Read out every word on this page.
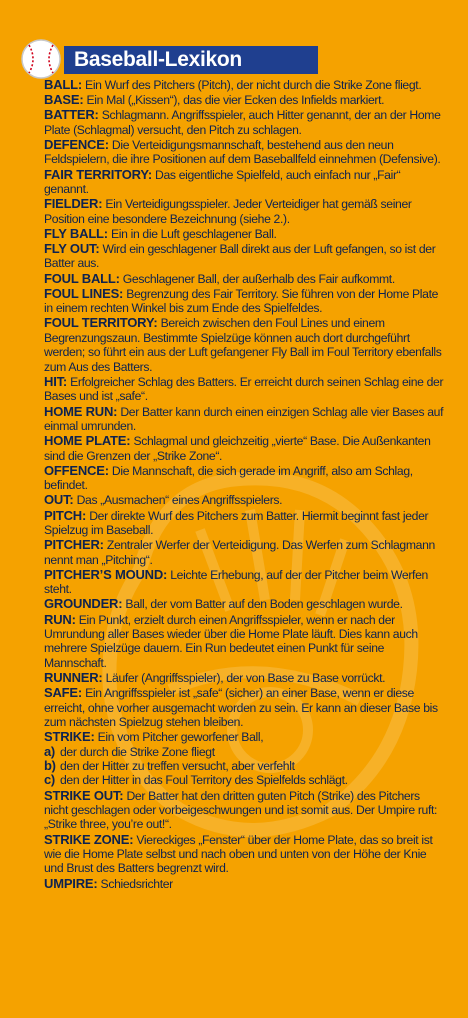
Baseball-Lexikon
BALL: Ein Wurf des Pitchers (Pitch), der nicht durch die Strike Zone fliegt.
BASE: Ein Mal („Kissen“), das die vier Ecken des Infields markiert.
BATTER: Schlagmann. Angriffsspieler, auch Hitter genannt, der an der Home Plate (Schlagmal) versucht, den Pitch zu schlagen.
DEFENCE: Die Verteidigungsmannschaft, bestehend aus den neun Feldspielern, die ihre Positionen auf dem Baseballfeld einnehmen (Defensive).
FAIR TERRITORY: Das eigentliche Spielfeld, auch einfach nur „Fair“ genannt.
FIELDER: Ein Verteidigungsspieler. Jeder Verteidiger hat gemäß seiner Position eine besondere Bezeichnung (siehe 2.).
FLY BALL: Ein in die Luft geschlagener Ball.
FLY OUT: Wird ein geschlagener Ball direkt aus der Luft gefangen, so ist der Batter aus.
FOUL BALL: Geschlagener Ball, der außerhalb des Fair aufkommt.
FOUL LINES: Begrenzung des Fair Territory. Sie führen von der Home Plate in einem rechten Winkel bis zum Ende des Spielfeldes.
FOUL TERRITORY: Bereich zwischen den Foul Lines und einem Begrenzungszaun. Bestimmte Spielzüge können auch dort durchgeführt werden; so führt ein aus der Luft gefangener Fly Ball im Foul Territory ebenfalls zum Aus des Batters.
HIT: Erfolgreicher Schlag des Batters. Er erreicht durch seinen Schlag eine der Bases und ist „safe“.
HOME RUN: Der Batter kann durch einen einzigen Schlag alle vier Bases auf einmal umrunden.
HOME PLATE: Schlagmal und gleichzeitig „vierte“ Base. Die Außenkanten sind die Grenzen der „Strike Zone“.
OFFENCE: Die Mannschaft, die sich gerade im Angriff, also am Schlag, befindet.
OUT: Das „Ausmachen“ eines Angriffsspielers.
PITCH: Der direkte Wurf des Pitchers zum Batter. Hiermit beginnt fast jeder Spielzug im Baseball.
PITCHER: Zentraler Werfer der Verteidigung. Das Werfen zum Schlagmann nennt man „Pitching“.
PITCHER’S MOUND: Leichte Erhebung, auf der der Pitcher beim Werfen steht.
GROUNDER: Ball, der vom Batter auf den Boden geschlagen wurde.
RUN: Ein Punkt, erzielt durch einen Angriffsspieler, wenn er nach der Umrundung aller Bases wieder über die Home Plate läuft. Dies kann auch mehrere Spielzüge dauern. Ein Run bedeutet einen Punkt für seine Mannschaft.
RUNNER: Läufer (Angriffsspieler), der von Base zu Base vorrückt.
SAFE: Ein Angriffsspieler ist „safe“ (sicher) an einer Base, wenn er diese erreicht, ohne vorher ausgemacht worden zu sein. Er kann an dieser Base bis zum nächsten Spielzug stehen bleiben.
STRIKE: Ein vom Pitcher geworfener Ball,
a) der durch die Strike Zone fliegt
b) den der Hitter zu treffen versucht, aber verfehlt
c) den der Hitter in das Foul Territory des Spielfelds schlägt.
STRIKE OUT: Der Batter hat den dritten guten Pitch (Strike) des Pitchers nicht geschlagen oder vorbeigeschwungen und ist somit aus. Der Umpire ruft: „Strike three, you’re out!“.
STRIKE ZONE: Viereckiges „Fenster“ über der Home Plate, das so breit ist wie die Home Plate selbst und nach oben und unten von der Höhe der Knie und Brust des Batters begrenzt wird.
UMPIRE: Schiedsrichter
